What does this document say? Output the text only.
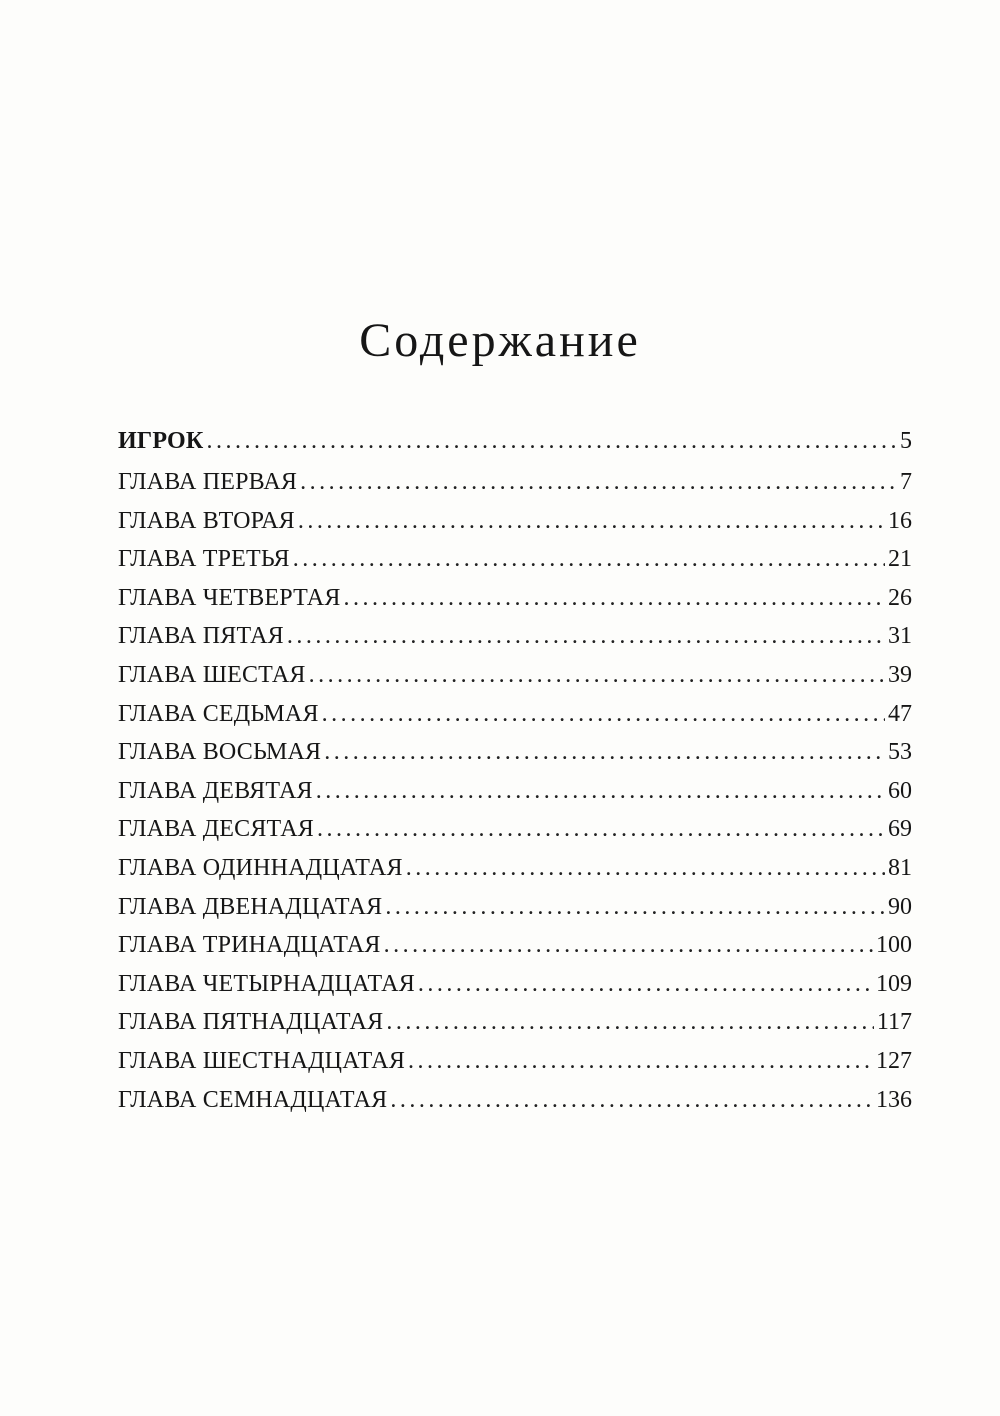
Содержание
ИГРОК .....	5
ГЛАВА ПЕРВАЯ .....	7
ГЛАВА ВТОРАЯ .....	16
ГЛАВА ТРЕТЬЯ .....	21
ГЛАВА ЧЕТВЕРТАЯ .....	26
ГЛАВА ПЯТАЯ .....	31
ГЛАВА ШЕСТАЯ .....	39
ГЛАВА СЕДЬМАЯ .....	47
ГЛАВА ВОСЬМАЯ .....	53
ГЛАВА ДЕВЯТАЯ .....	60
ГЛАВА ДЕСЯТАЯ .....	69
ГЛАВА ОДИННАДЦАТАЯ .....	81
ГЛАВА ДВЕНАДЦАТАЯ .....	90
ГЛАВА ТРИНАДЦАТАЯ .....	100
ГЛАВА ЧЕТЫРНАДЦАТАЯ .....	109
ГЛАВА ПЯТНАДЦАТАЯ .....	117
ГЛАВА ШЕСТНАДЦАТАЯ .....	127
ГЛАВА СЕМНАДЦАТАЯ .....	136
